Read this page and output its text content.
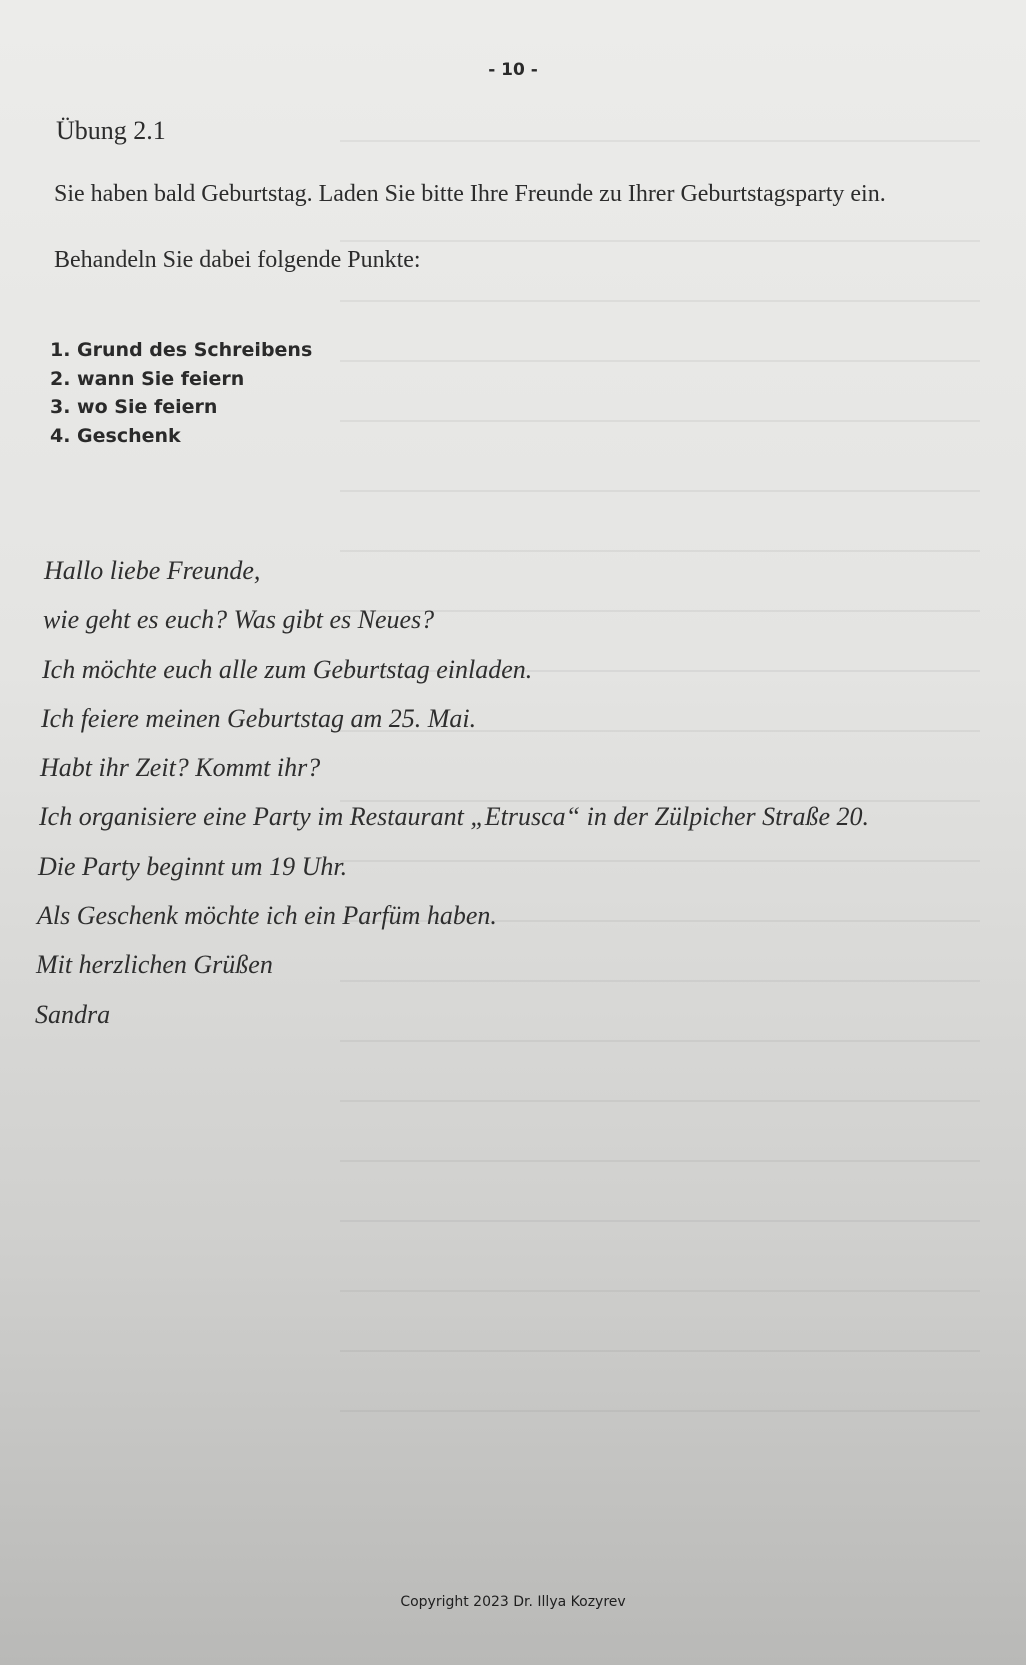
- 10 -
Übung 2.1

Sie haben bald Geburtstag. Laden Sie bitte Ihre Freunde zu Ihrer Geburtstagsparty ein.

Behandeln Sie dabei folgende Punkte:

1. Grund des Schreibens
2. wann Sie feiern
3. wo Sie feiern
4. Geschenk
Hallo liebe Freunde,
wie geht es euch? Was gibt es Neues?
Ich möchte euch alle zum Geburtstag einladen.
Ich feiere meinen Geburtstag am 25. Mai.
Habt ihr Zeit? Kommt ihr?
Ich organisiere eine Party im Restaurant „Etrusca“ in der Zülpicher Straße 20.
Die Party beginnt um 19 Uhr.
Als Geschenk möchte ich ein Parfüm haben.
Mit herzlichen Grüßen
Sandra
Copyright 2023 Dr. Illya Kozyrev
